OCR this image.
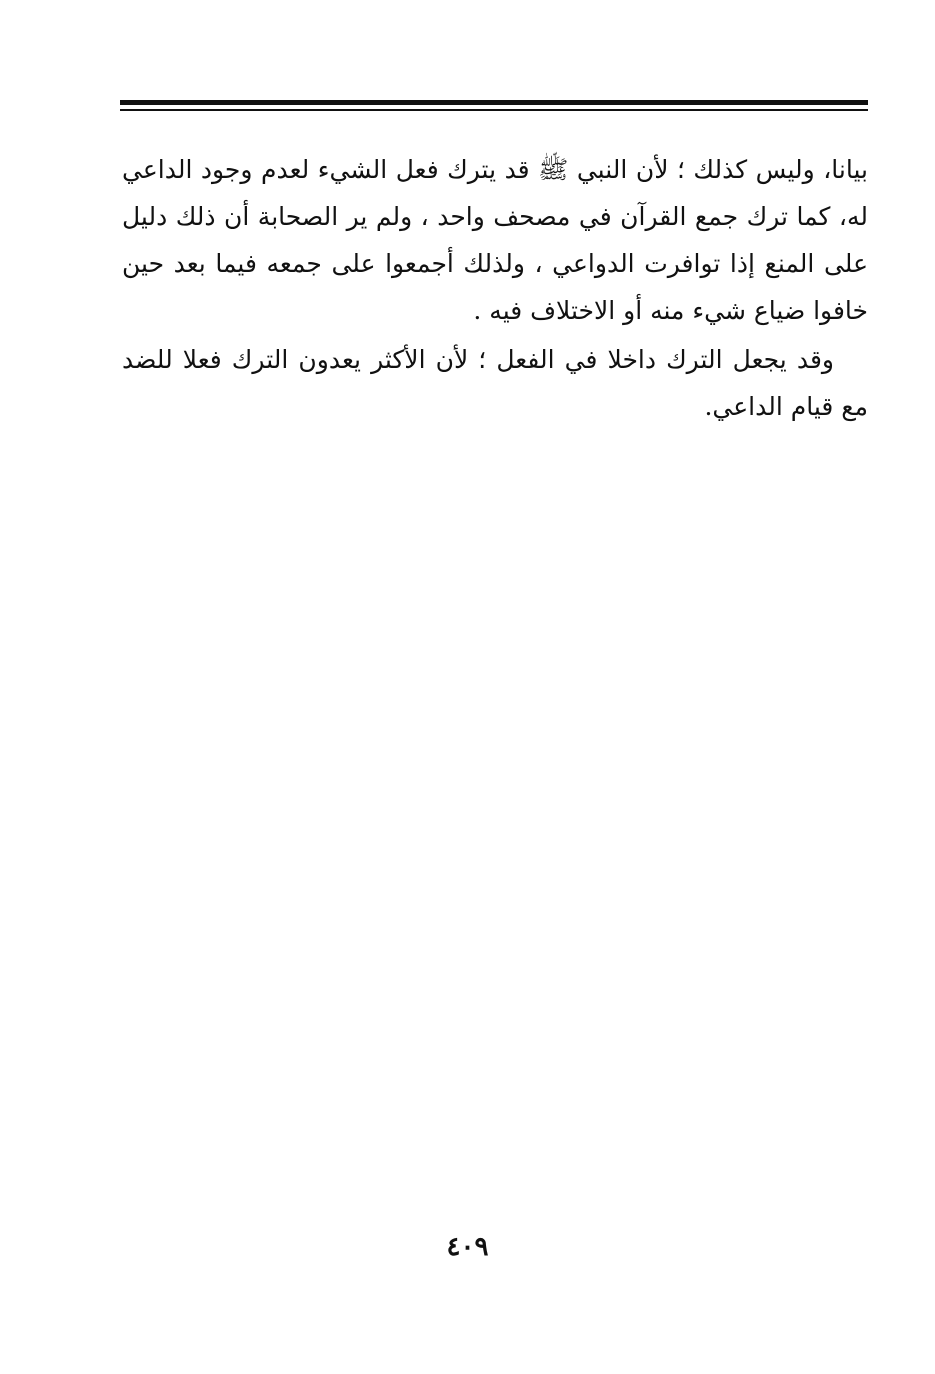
بيانا، وليس كذلك ؛ لأن النبي ﷺ قد يترك فعل الشيء لعدم وجود الداعي له، كما ترك جمع القرآن في مصحف واحد ، ولم ير الصحابة أن ذلك دليل على المنع إذا توافرت الدواعي ، ولذلك أجمعوا على جمعه فيما بعد حين خافوا ضياع شيء منه أو الاختلاف فيه .

وقد يجعل الترك داخلا في الفعل ؛ لأن الأكثر يعدون الترك فعلا للضد مع قيام الداعي.

٤٠٩
